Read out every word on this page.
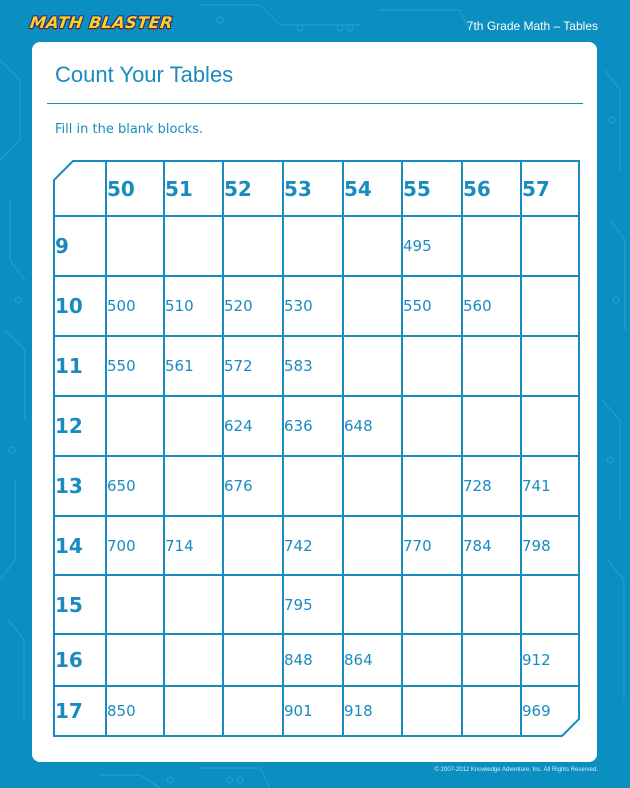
MATH BLASTER	7th Grade Math – Tables
Count Your Tables
Fill in the blank blocks.
	50	51	52	53	54	55	56	57
9						495		
10	500	510	520	530		550	560	
11	550	561	572	583				
12			624	636	648			
13	650		676				728	741
14	700	714		742		770	784	798
15				795				
16				848	864			912
17	850			901	918			969
© 2007-2012 Knowledge Adventure, Inc. All Rights Reserved.
